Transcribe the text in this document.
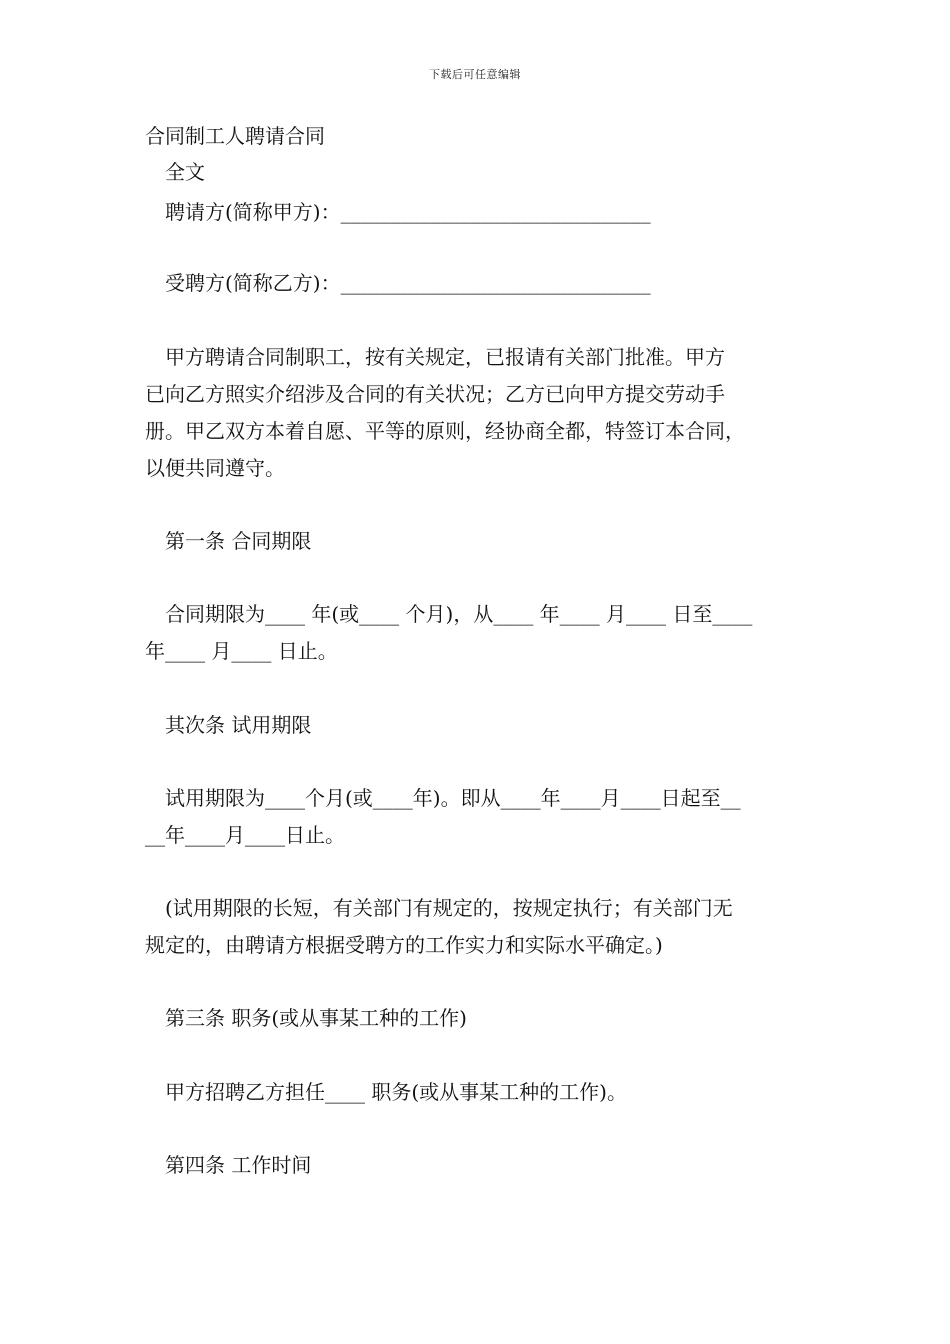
下载后可任意编辑
合同制工人聘请合同
全文
聘请方(简称甲方)：_______________________________
受聘方(简称乙方)：_______________________________
甲方聘请合同制职工，按有关规定，已报请有关部门批准。甲方
已向乙方照实介绍涉及合同的有关状况；乙方已向甲方提交劳动手
册。甲乙双方本着自愿、平等的原则，经协商全都，特签订本合同，
以便共同遵守。
第一条 合同期限
合同期限为____ 年(或____ 个月)，从____ 年____ 月____ 日至____
年____ 月____ 日止。
其次条 试用期限
试用期限为____个月(或____年)。即从____年____月____日起至__
__年____月____日止。
(试用期限的长短，有关部门有规定的，按规定执行；有关部门无
规定的，由聘请方根据受聘方的工作实力和实际水平确定。)
第三条 职务(或从事某工种的工作)
甲方招聘乙方担任____ 职务(或从事某工种的工作)。
第四条 工作时间
